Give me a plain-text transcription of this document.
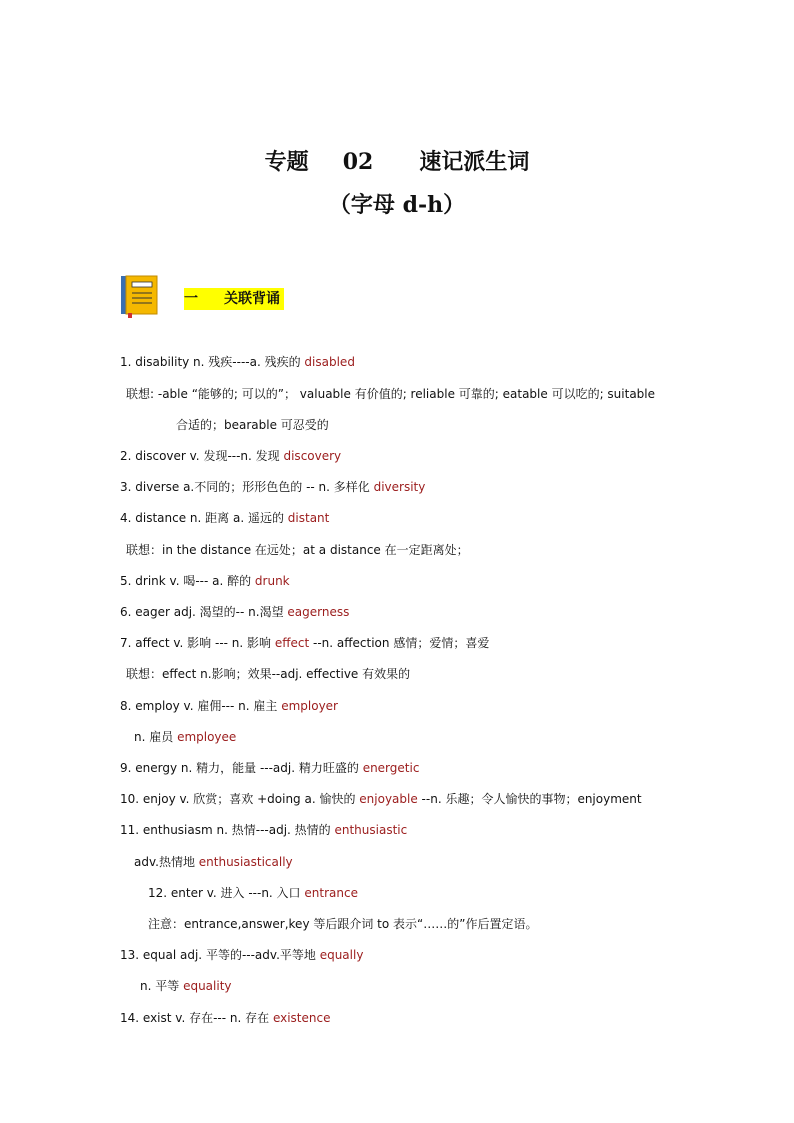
专题 02 速记派生词
（字母 d-h）
一 关联背诵
1. disability n. 残疾----a. 残疾的 disabled
联想: -able “能够的; 可以的”； valuable 有价值的; reliable 可靠的; eatable 可以吃的; suitable
合适的；bearable 可忍受的
2. discover v. 发现---n. 发现 discovery
3. diverse a.不同的；形形色色的 -- n. 多样化 diversity
4. distance n. 距离 a. 遥远的 distant
联想：in the distance 在远处；at a distance 在一定距离处；
5. drink v. 喝--- a. 醉的 drunk
6. eager adj. 渴望的-- n.渴望 eagerness
7. affect v. 影响 --- n. 影响 effect --n. affection 感情；爱情；喜爱
联想：effect n.影响；效果--adj. effective 有效果的
8. employ v. 雇佣--- n. 雇主 employer
n. 雇员 employee
9. energy n. 精力，能量 ---adj. 精力旺盛的 energetic
10. enjoy v. 欣赏；喜欢 +doing a. 愉快的 enjoyable --n. 乐趣；令人愉快的事物；enjoyment
11. enthusiasm n. 热情---adj. 热情的 enthusiastic
adv.热情地 enthusiastically
12. enter v. 进入 ---n. 入口 entrance
注意：entrance,answer,key 等后跟介词 to 表示“……的”作后置定语。
13. equal adj. 平等的---adv.平等地 equally
n. 平等 equality
14. exist v. 存在--- n. 存在 existence
